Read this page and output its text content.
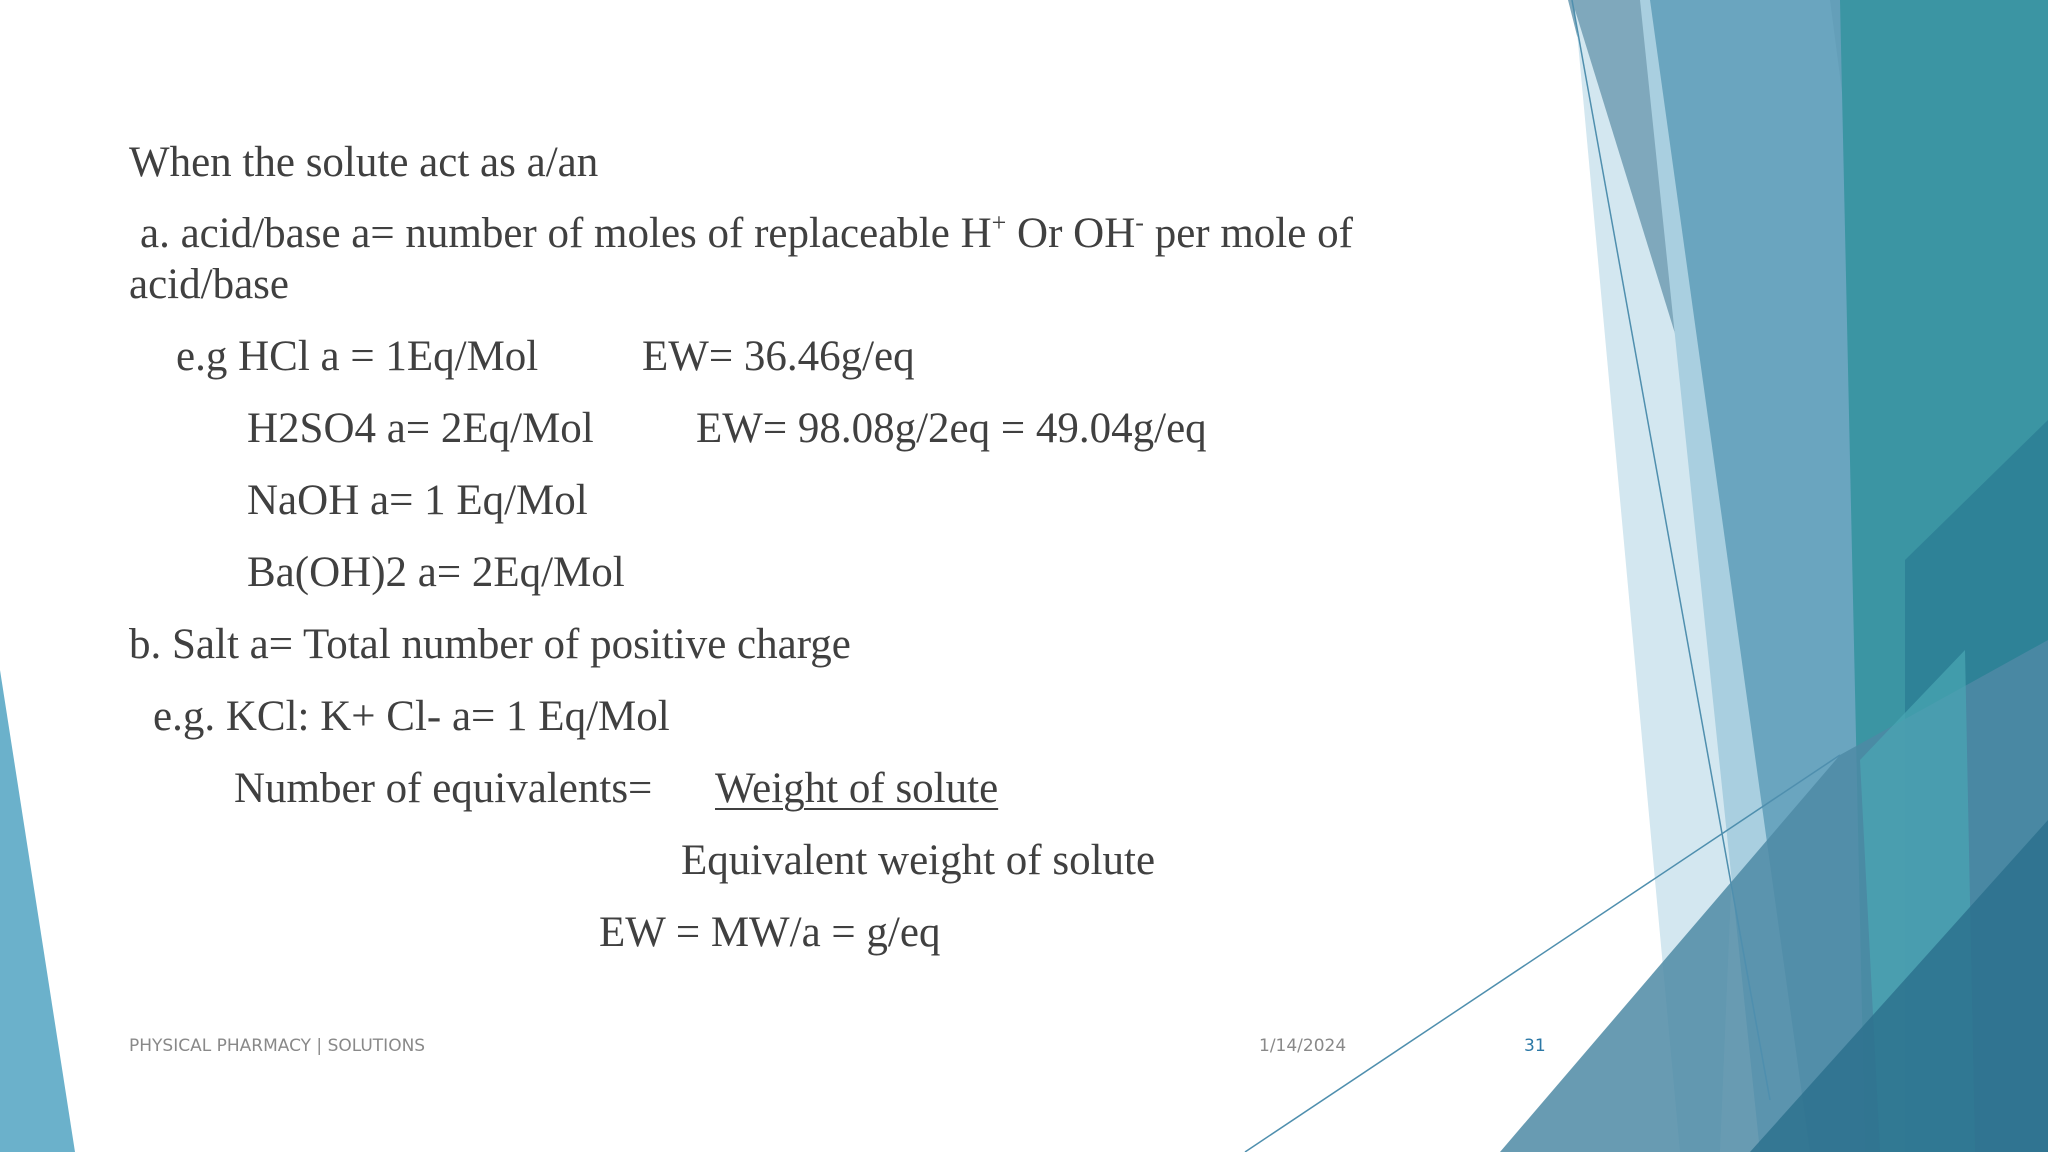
When the solute act as a/an
a. acid/base a= number of moles of replaceable H+ Or OH- per mole of
acid/base
e.g HCl a = 1Eq/Mol EW= 36.46g/eq
H2SO4 a= 2Eq/Mol EW= 98.08g/2eq = 49.04g/eq
NaOH a= 1 Eq/Mol
Ba(OH)2 a= 2Eq/Mol
b. Salt a= Total number of positive charge
e.g. KCl: K+ Cl- a= 1 Eq/Mol
Number of equivalents= Weight of solute
Equivalent weight of solute
EW = MW/a = g/eq
PHYSICAL PHARMACY | SOLUTIONS	1/14/2024	31
